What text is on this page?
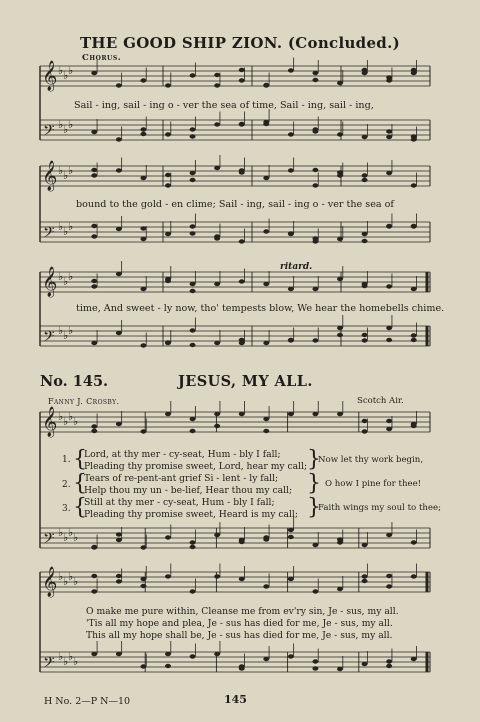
𝄞
𝄢
♭ ♭ ♭
♭ ♭ ♭
𝄞
𝄢
♭ ♭ ♭
♭ ♭ ♭
𝄞
𝄢
♭ ♭ ♭
♭ ♭ ♭
𝄞
𝄢
♭ ♭ ♭ ♭
♭ ♭ ♭ ♭
𝄞
𝄢
♭ ♭ ♭ ♭
♭ ♭ ♭ ♭
THE GOOD SHIP ZION. (Concluded.)
Chorus.
Sail - ing, sail - ing o - ver the sea of time, Sail - ing, sail - ing,
bound to the gold - en clime; Sail - ing, sail - ing o - ver the sea of
time, And sweet - ly now, tho' tempests blow, We hear the homebells chime.
ritard.
No. 145.	JESUS, MY ALL.
Fanny J. Crosby.	Scotch Air.
1. {
Lord, at thy mer - cy-seat, Hum - bly I fall;
Pleading thy promise sweet, Lord, hear my call; }
Now let thy work begin,
2. {
Tears of re-pent-ant grief Si - lent - ly fall;
Help thou my un - be-lief, Hear thou my call; } O how I pine for thee!
3. {
Still at thy mer - cy-seat, Hum - bly I fall;
Pleading thy promise sweet, Heard is my call; }
Faith wings my soul to thee;
O make me pure within, Cleanse me from ev'ry sin, Je - sus, my all.
'Tis all my hope and plea, Je - sus has died for me, Je - sus, my all.
This all my hope shall be, Je - sus has died for me, Je - sus, my all.
H No. 2—P N—10	145
